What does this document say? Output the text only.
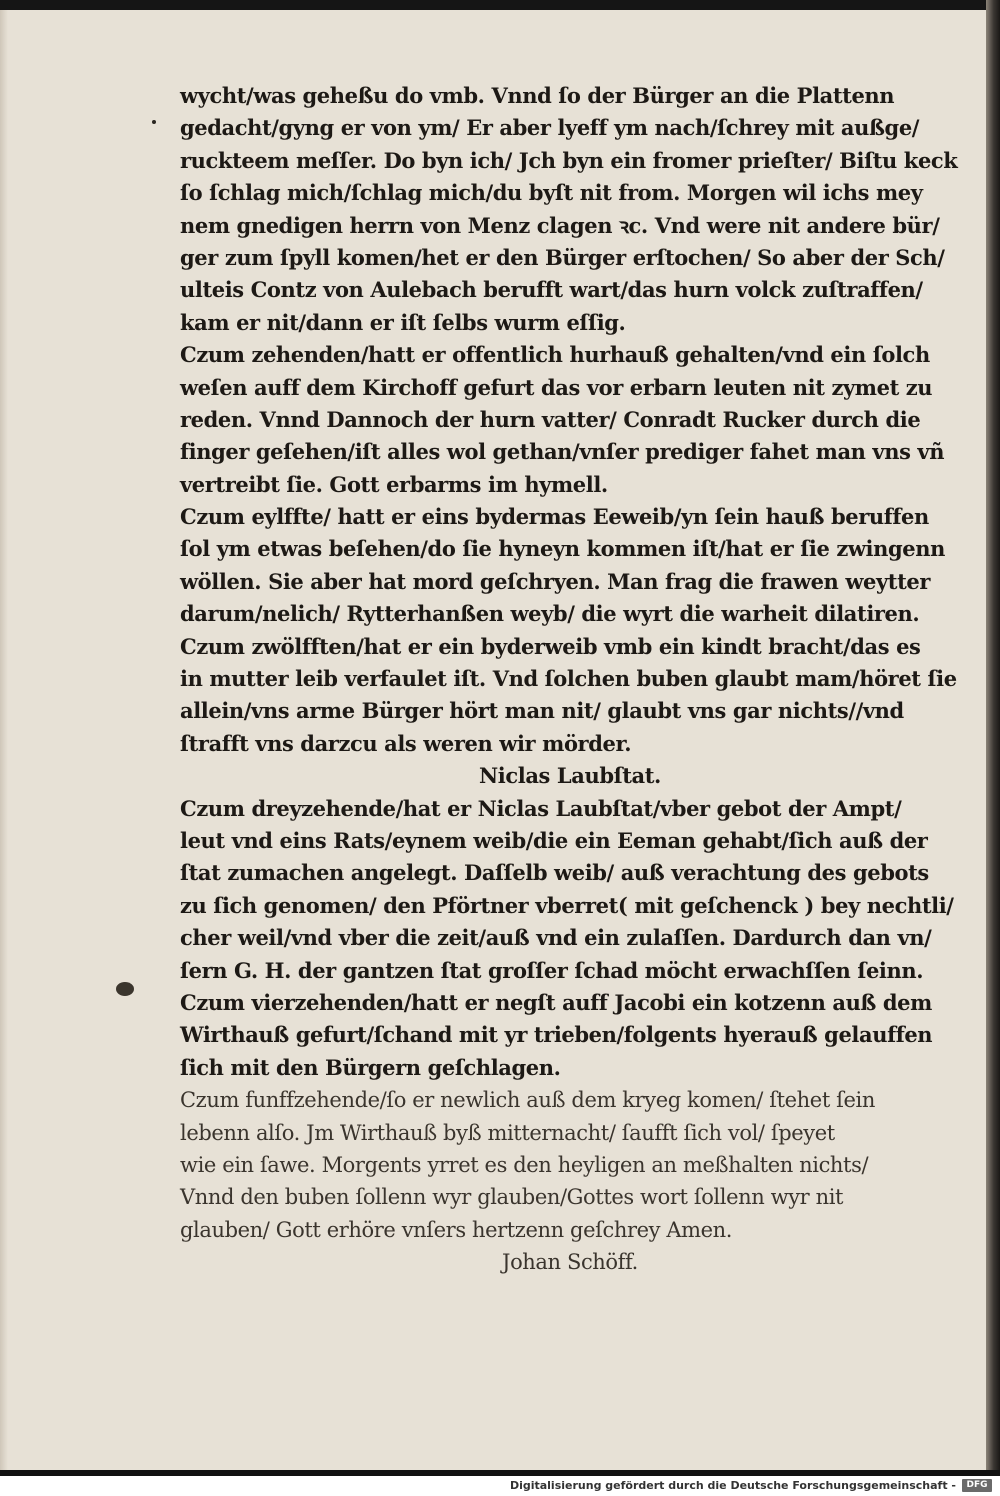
wycht/was geheßu do vmb. Vnnd ſo der Bürger an die Plattenn
gedacht/gyng er von ym/ Er aber lyeff ym nach/ſchrey mit außge/
ruckteem meſſer. Do byn ich/ Jch byn ein fromer prieſter/ Biſtu keck
ſo ſchlag mich/ſchlag mich/du byſt nit from. Morgen wil ichs mey
nem gnedigen herrn von Menz clagen ꝛc. Vnd were nit andere bür/
ger zum ſpyll komen/het er den Bürger erſtochen/ So aber der Sch/
ulteis Contz von Aulebach berufft wart/das hurn volck zuſtraffen/
kam er nit/dann er iſt ſelbs wurm eſſig.
Czum zehenden/hatt er offentlich hurhauß gehalten/vnd ein ſolch
weſen auff dem Kirchoff gefurt das vor erbarn leuten nit zymet zu
reden. Vnnd Dannoch der hurn vatter/ Conradt Rucker durch die
finger geſehen/iſt alles wol gethan/vnſer prediger fahet man vns vñ
vertreibt ſie. Gott erbarms im hymell.
Czum eylffte/ hatt er eins bydermas Eeweib/yn ſein hauß beruffen
ſol ym etwas beſehen/do ſie hyneyn kommen iſt/hat er ſie zwingenn
wöllen. Sie aber hat mord geſchryen. Man frag die frawen weytter
darum/nelich/ Rytterhanßen weyb/ die wyrt die warheit dilatiren.
Czum zwölfften/hat er ein byderweib vmb ein kindt bracht/das es
in mutter leib verfaulet iſt. Vnd ſolchen buben glaubt mam/höret ſie
allein/vns arme Bürger hört man nit/ glaubt vns gar nichts//vnd
ſtrafft vns darzcu als weren wir mörder.
Niclas Laubſtat.
Czum dreyzehende/hat er Niclas Laubſtat/vber gebot der Ampt/
leut vnd eins Rats/eynem weib/die ein Eeman gehabt/ſich auß der
ſtat zumachen angelegt. Daſſelb weib/ auß verachtung des gebots
zu ſich genomen/ den Pförtner vberret( mit geſchenck ) bey nechtli/
cher weil/vnd vber die zeit/auß vnd ein zulaſſen. Dardurch dan vn/
ſern G. H. der gantzen ſtat groſſer ſchad möcht erwachſſen ſeinn.
Czum vierzehenden/hatt er negſt auff Jacobi ein kotzenn auß dem
Wirthauß gefurt/ſchand mit yr trieben/folgents hyerauß gelauffen
ſich mit den Bürgern geſchlagen.
Czum funffzehende/ſo er newlich auß dem kryeg komen/ ſtehet ſein
lebenn alſo. Jm Wirthauß byß mitternacht/ ſaufft ſich vol/ ſpeyet
wie ein ſawe. Morgents yrret es den heyligen an meßhalten nichts/
Vnnd den buben ſollenn wyr glauben/Gottes wort ſollenn wyr nit
glauben/ Gott erhöre vnſers hertzenn geſchrey Amen.
Johan Schöff.
Digitalisierung gefördert durch die Deutsche Forschungsgemeinschaft -	DFG
